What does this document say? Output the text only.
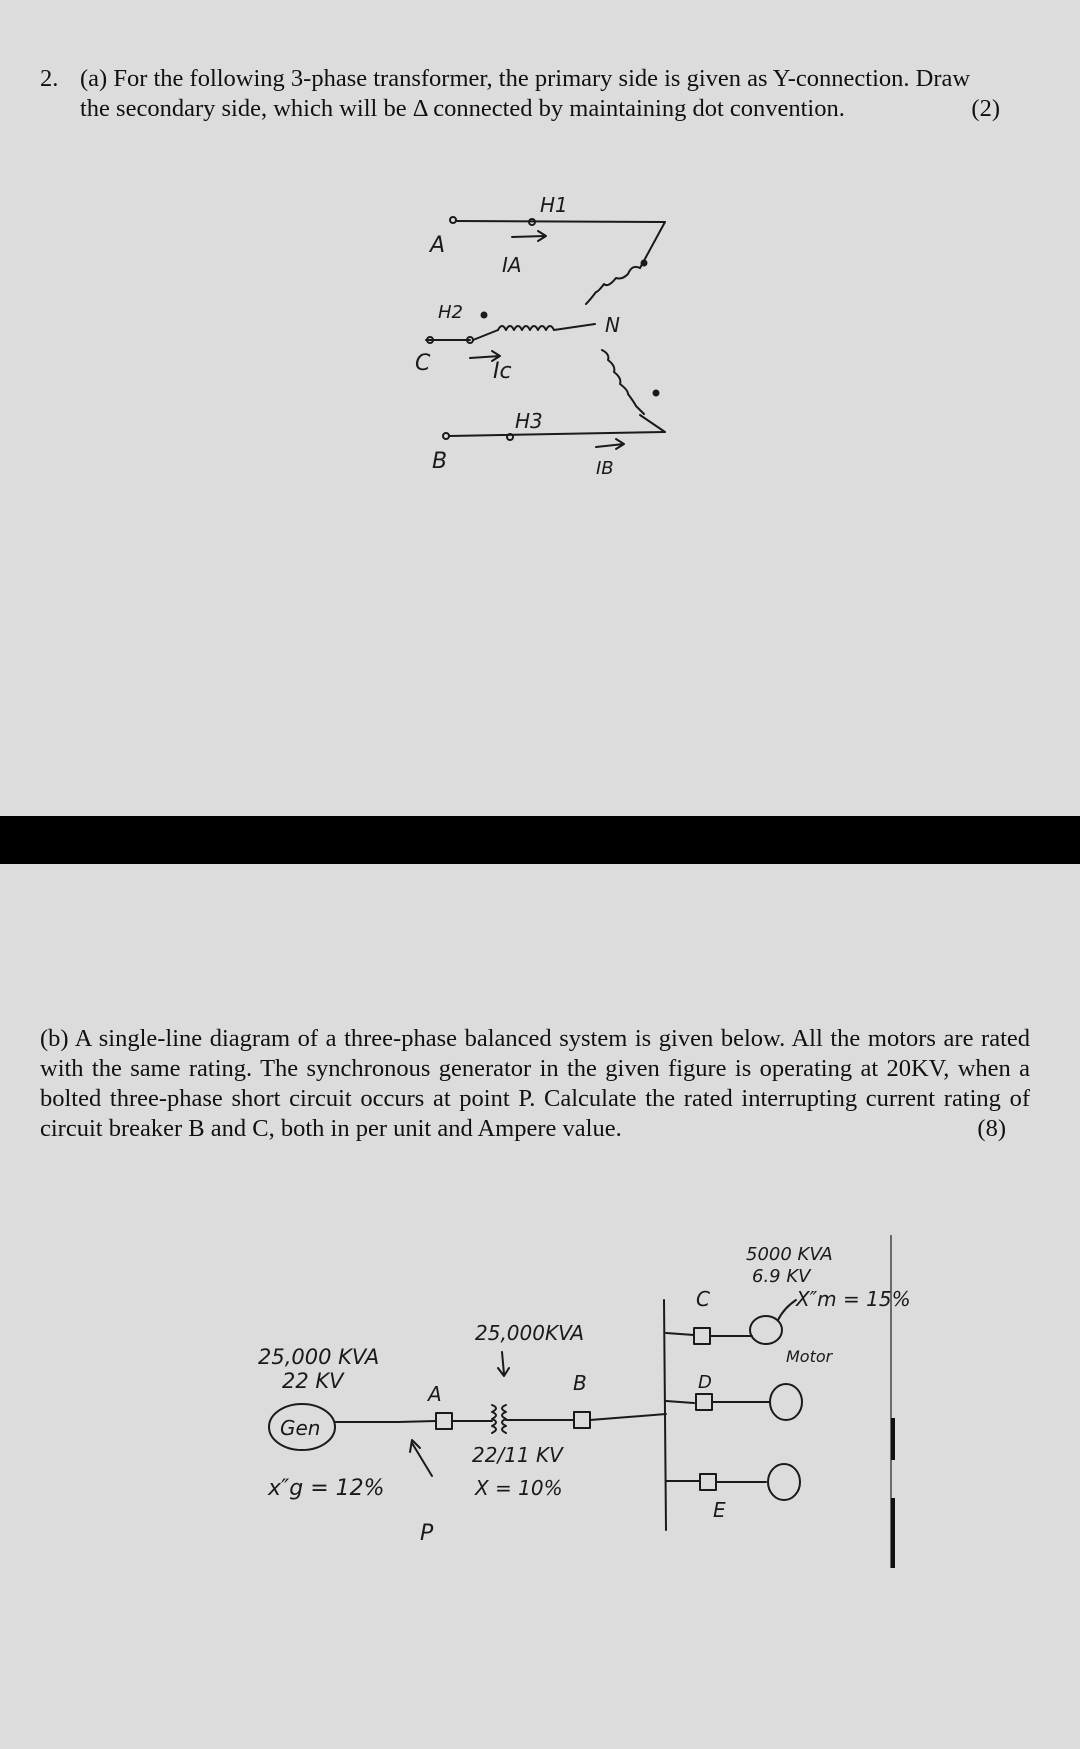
2. (a) For the following 3-phase transformer, the primary side is given as Y-connection. Draw
the secondary side, which will be Δ connected by maintaining dot convention.	(2)
A
C
B
H1
H2
H3
IA
IB
Ic
N
(b) A single-line diagram of a three-phase balanced system is given below. All the motors are rated with the same rating. The synchronous generator in the given figure is operating at 20KV, when a bolted three-phase short circuit occurs at point P. Calculate the rated interrupting current rating of circuit breaker B and C, both in per unit and Ampere value.	(8)
Gen
25,000 KVA
22 KV
x″g = 12%
P
A
25,000KVA
22/11 KV
X = 10%
B
C
D
E
5000 KVA
6.9 KV
X″m = 15%
Motor
